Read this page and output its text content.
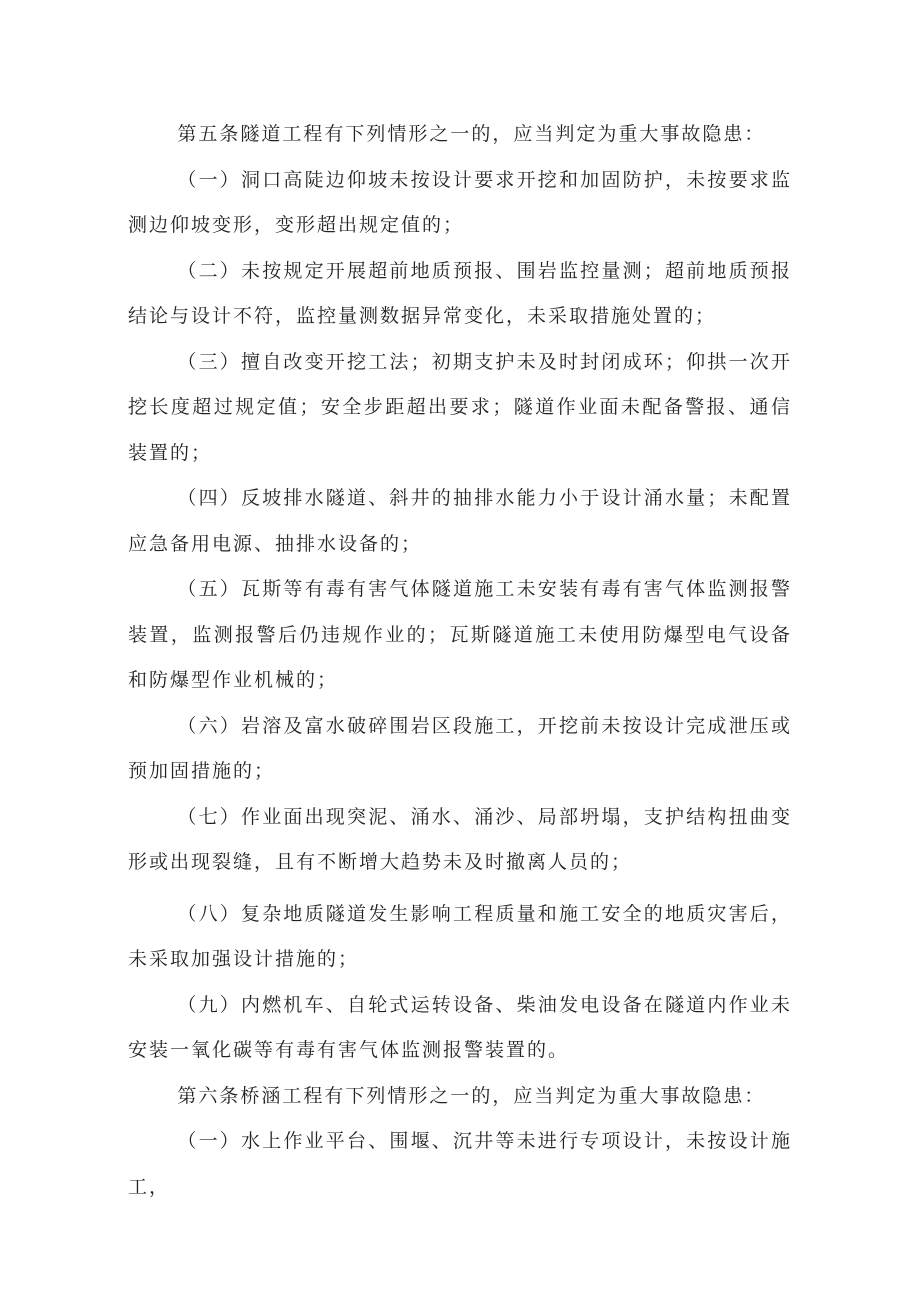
第五条隧道工程有下列情形之一的，应当判定为重大事故隐患：

（一）洞口高陡边仰坡未按设计要求开挖和加固防护，未按要求监测边仰坡变形，变形超出规定值的；

（二）未按规定开展超前地质预报、围岩监控量测；超前地质预报结论与设计不符，监控量测数据异常变化，未采取措施处置的；

（三）擅自改变开挖工法；初期支护未及时封闭成环；仰拱一次开挖长度超过规定值；安全步距超出要求；隧道作业面未配备警报、通信装置的；

（四）反坡排水隧道、斜井的抽排水能力小于设计涌水量；未配置应急备用电源、抽排水设备的；

（五）瓦斯等有毒有害气体隧道施工未安装有毒有害气体监测报警装置，监测报警后仍违规作业的；瓦斯隧道施工未使用防爆型电气设备和防爆型作业机械的；

（六）岩溶及富水破碎围岩区段施工，开挖前未按设计完成泄压或预加固措施的；

（七）作业面出现突泥、涌水、涌沙、局部坍塌，支护结构扭曲变形或出现裂缝，且有不断增大趋势未及时撤离人员的；

（八）复杂地质隧道发生影响工程质量和施工安全的地质灾害后，未采取加强设计措施的；

（九）内燃机车、自轮式运转设备、柴油发电设备在隧道内作业未安装一氧化碳等有毒有害气体监测报警装置的。

第六条桥涵工程有下列情形之一的，应当判定为重大事故隐患：

（一）水上作业平台、围堰、沉井等未进行专项设计，未按设计施工，
